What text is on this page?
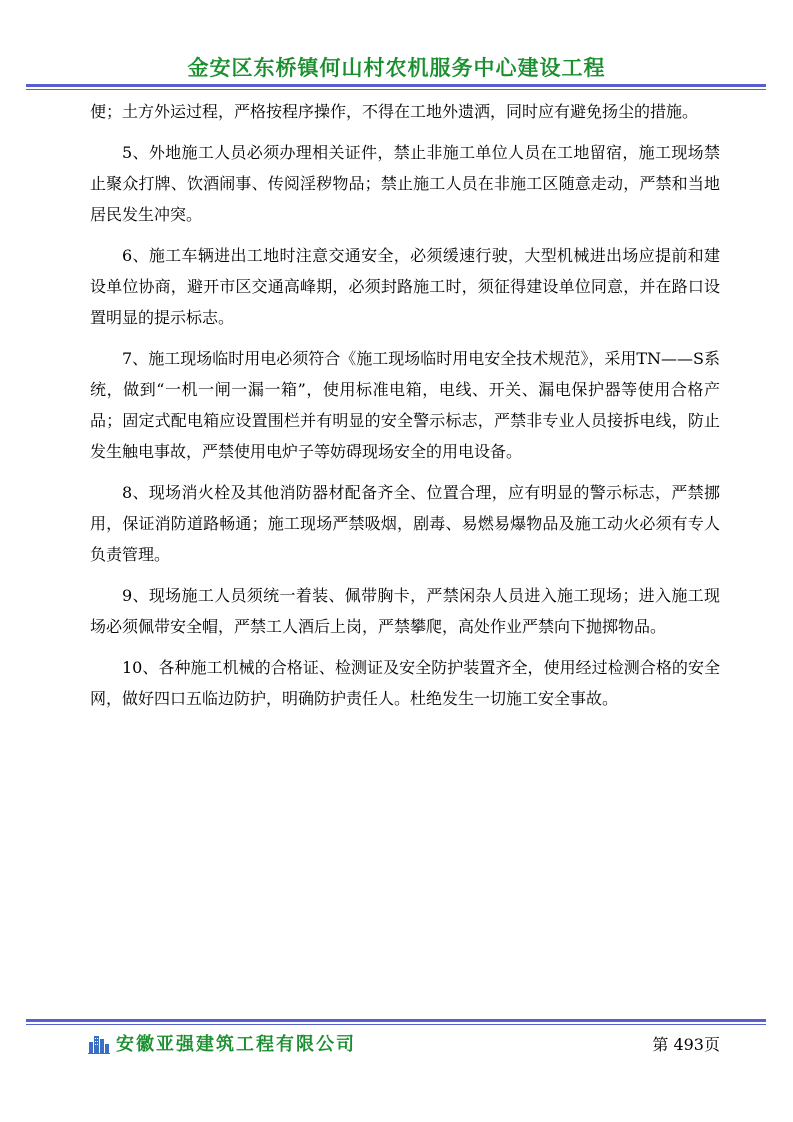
金安区东桥镇何山村农机服务中心建设工程

便；土方外运过程，严格按程序操作，不得在工地外遗洒，同时应有避免扬尘的措施。

5、外地施工人员必须办理相关证件，禁止非施工单位人员在工地留宿，施工现场禁止聚众打牌、饮酒闹事、传阅淫秽物品；禁止施工人员在非施工区随意走动，严禁和当地居民发生冲突。

6、施工车辆进出工地时注意交通安全，必须缓速行驶，大型机械进出场应提前和建设单位协商，避开市区交通高峰期，必须封路施工时，须征得建设单位同意，并在路口设置明显的提示标志。

7、施工现场临时用电必须符合《施工现场临时用电安全技术规范》，采用TN——S系统，做到“一机一闸一漏一箱”，使用标准电箱，电线、开关、漏电保护器等使用合格产品；固定式配电箱应设置围栏并有明显的安全警示标志，严禁非专业人员接拆电线，防止发生触电事故，严禁使用电炉子等妨碍现场安全的用电设备。

8、现场消火栓及其他消防器材配备齐全、位置合理，应有明显的警示标志，严禁挪用，保证消防道路畅通；施工现场严禁吸烟，剧毒、易燃易爆物品及施工动火必须有专人负责管理。

9、现场施工人员须统一着装、佩带胸卡，严禁闲杂人员进入施工现场；进入施工现场必须佩带安全帽，严禁工人酒后上岗，严禁攀爬，高处作业严禁向下抛掷物品。

10、各种施工机械的合格证、检测证及安全防护装置齐全，使用经过检测合格的安全网，做好四口五临边防护，明确防护责任人。杜绝发生一切施工安全事故。

安徽亚强建筑工程有限公司	第 493页
